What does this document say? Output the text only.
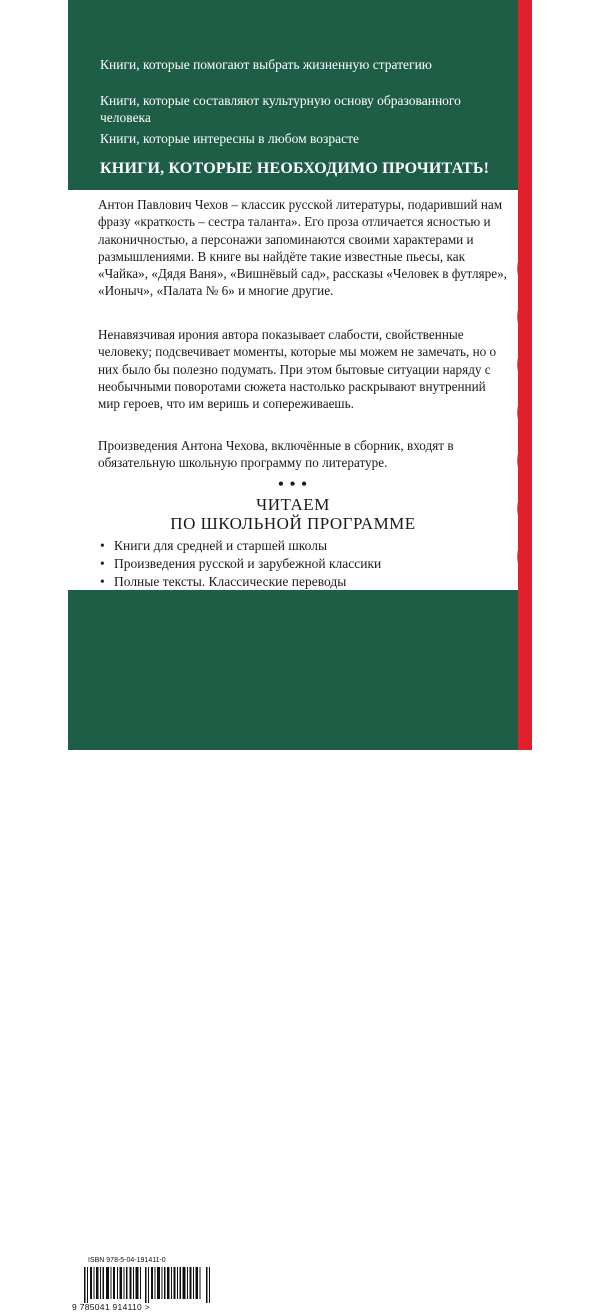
Книги, которые помогают выбрать жизненную стратегию
Книги, которые составляют культурную основу образованного человека
Книги, которые интересны в любом возрасте
КНИГИ, КОТОРЫЕ НЕОБХОДИМО ПРОЧИТАТЬ!
Антон Павлович Чехов – классик русской литературы, подаривший нам фразу «краткость – сестра таланта». Его проза отличается ясностью и лаконичностью, а персонажи запоминаются своими характерами и размышлениями. В книге вы найдёте такие известные пьесы, как «Чайка», «Дядя Ваня», «Вишнёвый сад», рассказы «Человек в футляре», «Ионыч», «Палата № 6» и многие другие.
Ненавязчивая ирония автора показывает слабости, свойственные человеку; подсвечивает моменты, которые мы можем не замечать, но о них было бы полезно подумать. При этом бытовые ситуации наряду с необычными поворотами сюжета настолько раскрывают внутренний мир героев, что им веришь и сопереживаешь.
Произведения Антона Чехова, включённые в сборник, входят в обязательную школьную программу по литературе.
• • •
ЧИТАЕМ
ПО ШКОЛЬНОЙ ПРОГРАММЕ
• Книги для средней и старшей школы
• Произведения русской и зарубежной классики
• Полные тексты. Классические переводы
ISBN 978-5-04-191411-0
9 785041 914110 >
